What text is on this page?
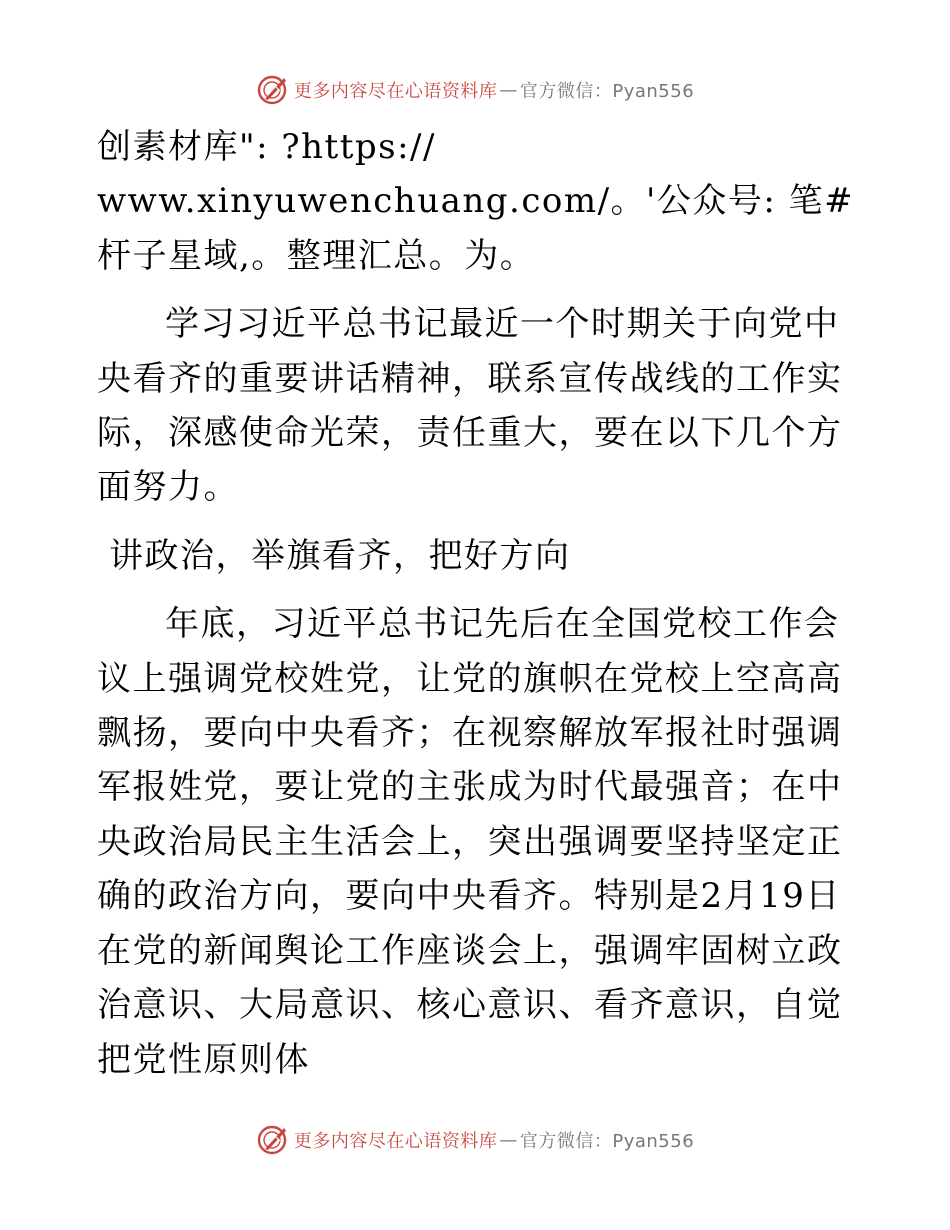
更多内容尽在心语资料库 — 官方微信：Pyan556

创素材库": ?https://
www.xinyuwenchuang.com/。'公众号: 笔#杆子星域,。整理汇总。为。

学习习近平总书记最近一个时期关于向党中央看齐的重要讲话精神，联系宣传战线的工作实际，深感使命光荣，责任重大，要在以下几个方面努力。

讲政治，举旗看齐，把好方向

年底，习近平总书记先后在全国党校工作会议上强调党校姓党，让党的旗帜在党校上空高高飘扬，要向中央看齐；在视察解放军报社时强调军报姓党，要让党的主张成为时代最强音；在中央政治局民主生活会上，突出强调要坚持坚定正确的政治方向，要向中央看齐。特别是2月19日在党的新闻舆论工作座谈会上，强调牢固树立政治意识、大局意识、核心意识、看齐意识，自觉把党性原则体

更多内容尽在心语资料库 — 官方微信：Pyan556
